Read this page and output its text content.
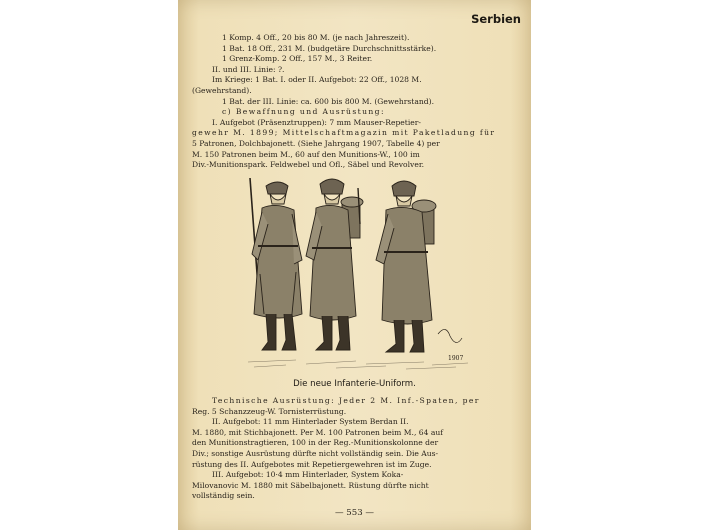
Serbien
1 Komp. 4 Off., 20 bis 80 M. (je nach Jahreszeit).
1 Bat. 18 Off., 231 M. (budgetäre Durchschnittsstärke).
1 Grenz-Komp. 2 Off., 157 M., 3 Reiter.
II. und III. Linie: ?.
Im Kriege: 1 Bat. I. oder II. Aufgebot: 22 Off., 1028 M.
(Gewehrstand).
1 Bat. der III. Linie: ca. 600 bis 800 M. (Gewehrstand).
c) Bewaffnung und Ausrüstung:
I. Aufgebot (Präsenztruppen): 7 mm Mauser-Repetier-
gewehr M. 1899; Mittelschaftmagazin mit Paketladung für
5 Patronen, Dolchbajonett. (Siehe Jahrgang 1907, Tabelle 4) per
M. 150 Patronen beim M., 60 auf den Munitions-W., 100 im
Div.-Munitionspark. Feldwebel und Ofl., Säbel und Revolver.
1907
Die neue Infanterie-Uniform.
Technische Ausrüstung: Jeder 2 M. Inf.-Spaten, per
Reg. 5 Schanzzeug-W. Tornisterrüstung.
II. Aufgebot: 11 mm Hinterlader System Berdan II.
M. 1880, mit Stichbajonett. Per M. 100 Patronen beim M., 64 auf
den Munitionstragtieren, 100 in der Reg.-Munitionskolonne der
Div.; sonstige Ausrüstung dürfte nicht vollständig sein. Die Aus-
rüstung des II. Aufgebotes mit Repetiergewehren ist im Zuge.
III. Aufgebot: 10·4 mm Hinterlader, System Koka-
Milovanovic M. 1880 mit Säbelbajonett. Rüstung dürfte nicht
vollständig sein.
— 553 —
